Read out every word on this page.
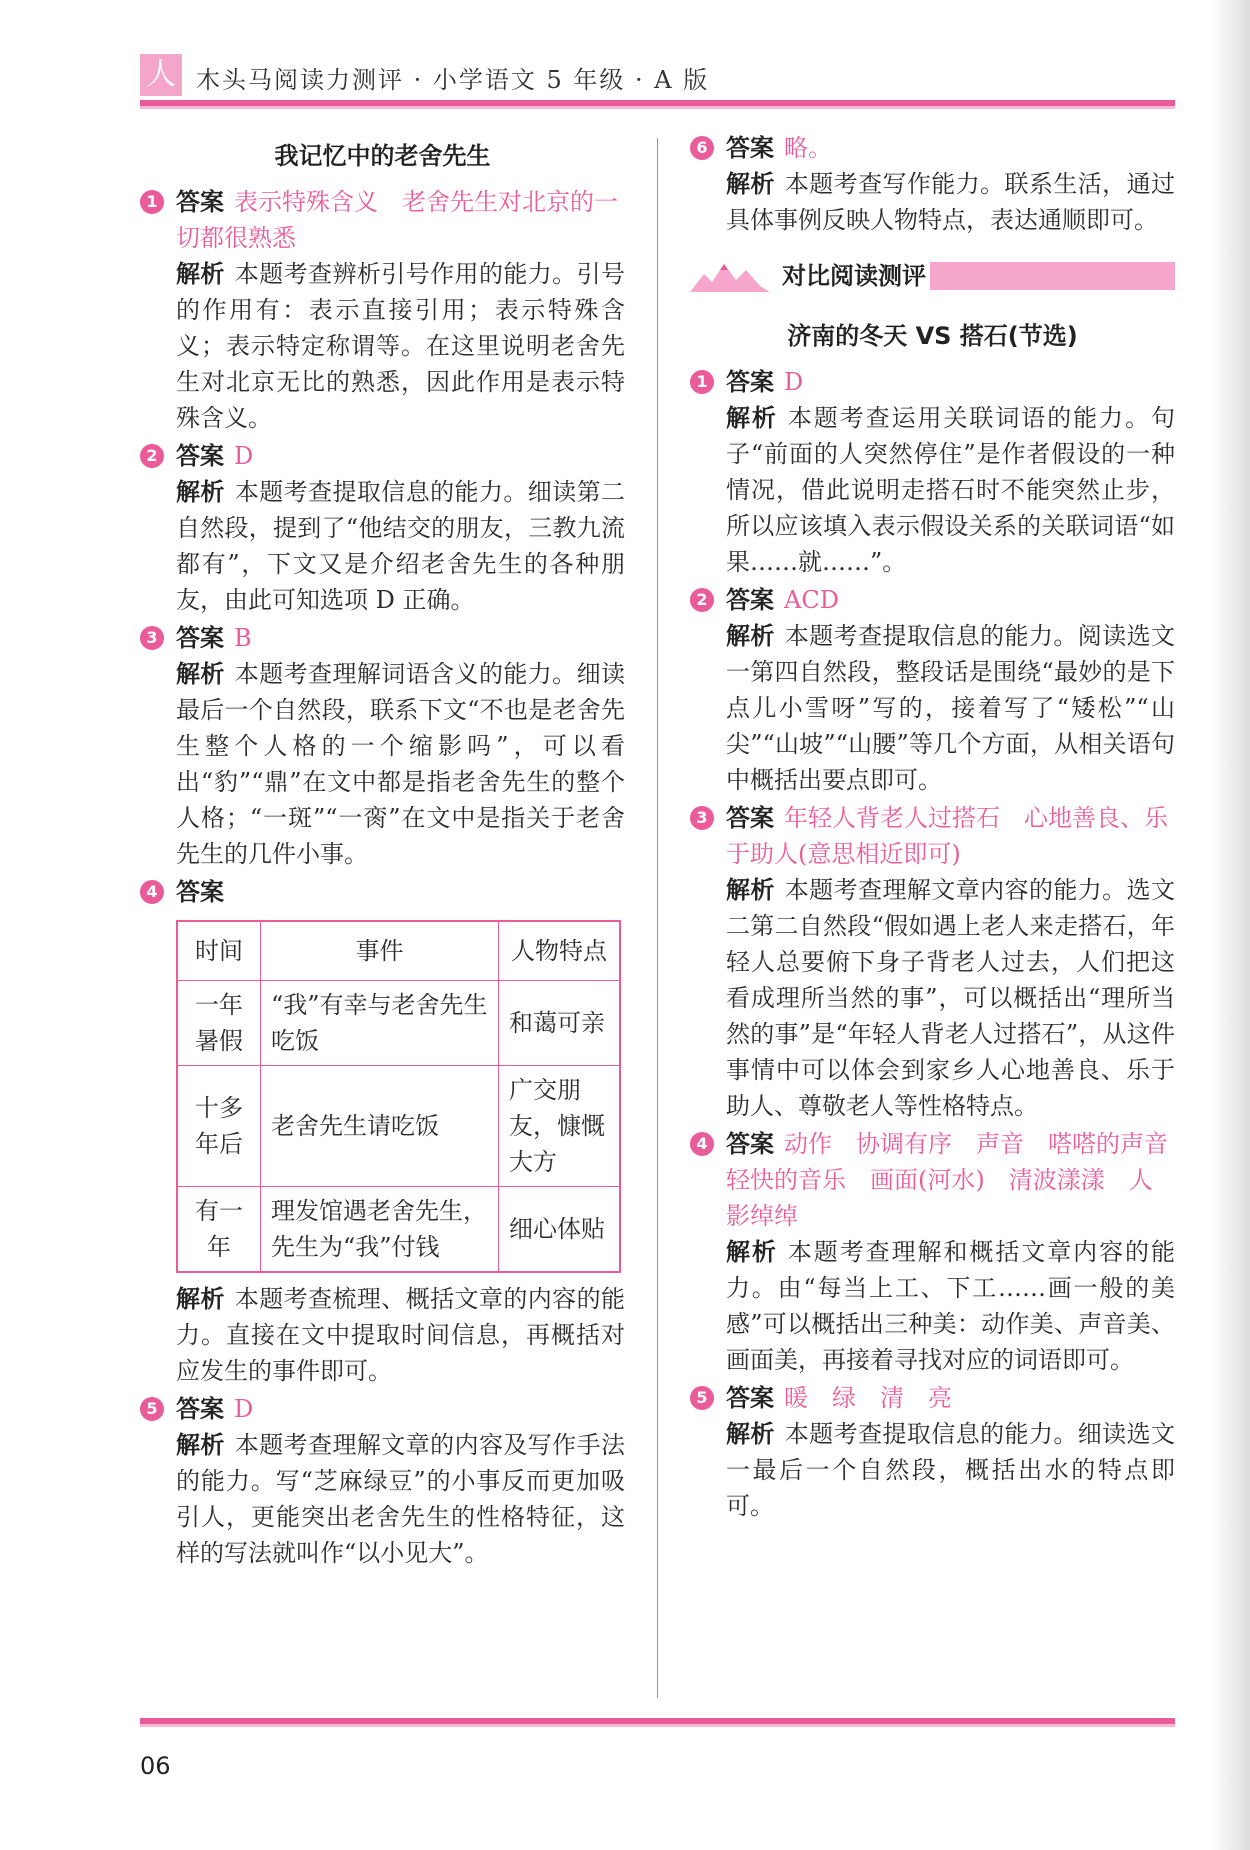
人 木头马阅读力测评 · 小学语文 5 年级 · A 版
我记忆中的老舍先生
1 答案 表示特殊含义　老舍先生对北京的一切都很熟悉
解析 本题考查辨析引号作用的能力。引号的作用有：表示直接引用；表示特殊含义；表示特定称谓等。在这里说明老舍先生对北京无比的熟悉，因此作用是表示特殊含义。
2 答案 D
解析 本题考查提取信息的能力。细读第二自然段，提到了“他结交的朋友，三教九流都有”，下文又是介绍老舍先生的各种朋友，由此可知选项 D 正确。
3 答案 B
解析 本题考查理解词语含义的能力。细读最后一个自然段，联系下文“不也是老舍先生整个人格的一个缩影吗”，可以看出“豹”“鼎”在文中都是指老舍先生的整个人格；“一斑”“一脔”在文中是指关于老舍先生的几件小事。
4 答案
时间	事件	人物特点
一年暑假	“我”有幸与老舍先生吃饭	和蔼可亲
十多年后	老舍先生请吃饭	广交朋友，慷慨大方
有一年	理发馆遇老舍先生，先生为“我”付钱	细心体贴
解析 本题考查梳理、概括文章的内容的能力。直接在文中提取时间信息，再概括对应发生的事件即可。
5 答案 D
解析 本题考查理解文章的内容及写作手法的能力。写“芝麻绿豆”的小事反而更加吸引人，更能突出老舍先生的性格特征，这样的写法就叫作“以小见大”。
6 答案 略。
解析 本题考查写作能力。联系生活，通过具体事例反映人物特点，表达通顺即可。
对比阅读测评
济南的冬天 VS 搭石(节选)
1 答案 D
解析 本题考查运用关联词语的能力。句子“前面的人突然停住”是作者假设的一种情况，借此说明走搭石时不能突然止步，所以应该填入表示假设关系的关联词语“如果……就……”。
2 答案 ACD
解析 本题考查提取信息的能力。阅读选文一第四自然段，整段话是围绕“最妙的是下点儿小雪呀”写的，接着写了“矮松”“山尖”“山坡”“山腰”等几个方面，从相关语句中概括出要点即可。
3 答案 年轻人背老人过搭石　心地善良、乐于助人(意思相近即可)
解析 本题考查理解文章内容的能力。选文二第二自然段“假如遇上老人来走搭石，年轻人总要俯下身子背老人过去，人们把这看成理所当然的事”，可以概括出“理所当然的事”是“年轻人背老人过搭石”，从这件事情中可以体会到家乡人心地善良、乐于助人、尊敬老人等性格特点。
4 答案 动作　协调有序　声音　嗒嗒的声音　轻快的音乐　画面(河水)　清波漾漾　人影绰绰
解析 本题考查理解和概括文章内容的能力。由“每当上工、下工……画一般的美感”可以概括出三种美：动作美、声音美、画面美，再接着寻找对应的词语即可。
5 答案 暖　绿　清　亮
解析 本题考查提取信息的能力。细读选文一最后一个自然段，概括出水的特点即可。
06
